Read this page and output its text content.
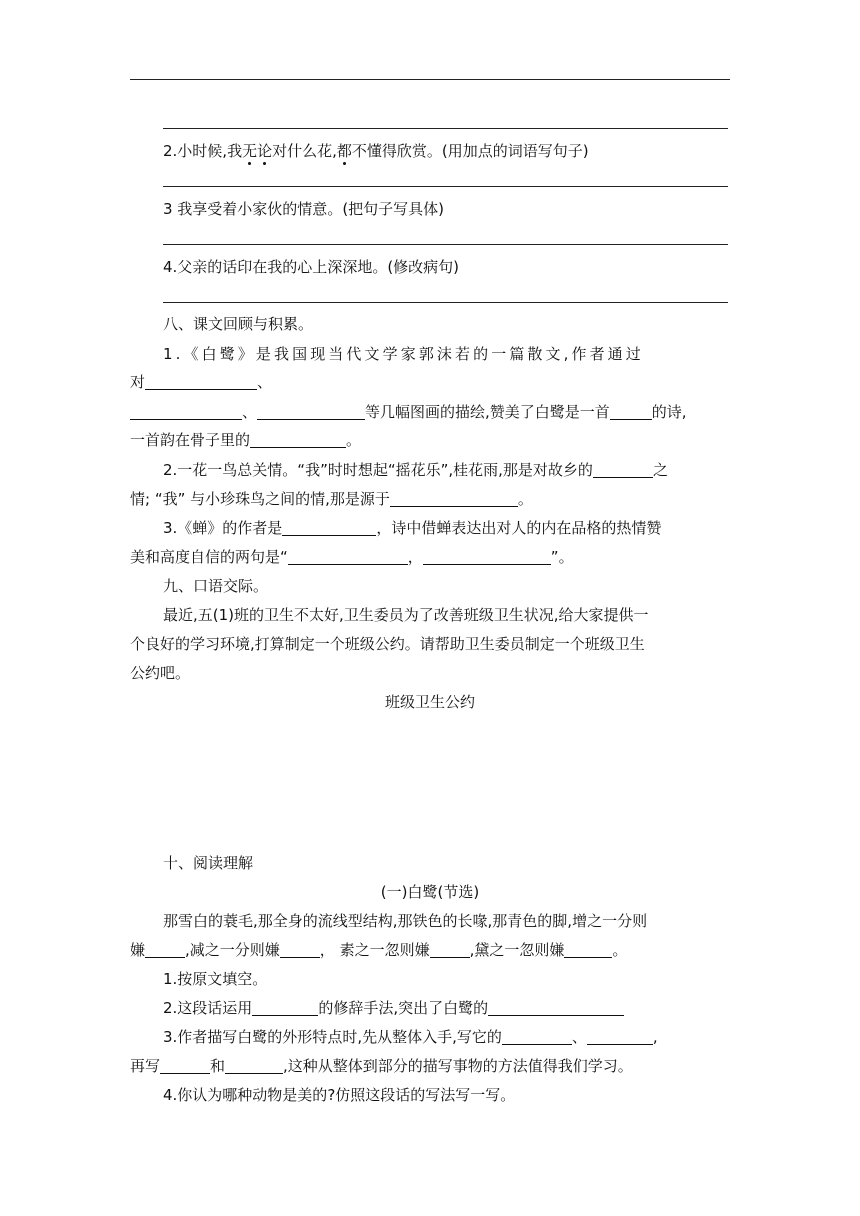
2.小时候,我无论对什么花,都不懂得欣赏。(用加点的词语写句子)
3 我享受着小家伙的情意。(把句子写具体)
4.父亲的话印在我的心上深深地。(修改病句)
八、课文回顾与积累。
1.《白鹭》是我国现当代文学家郭沫若的一篇散文,作者通过
对	、
、	等几幅图画的描绘,赞美了白鹭是一首	的诗,
一首韵在骨子里的	。
2.一花一鸟总关情。“我”时时想起“摇花乐”,桂花雨,那是对故乡的	之
情; “我” 与小珍珠鸟之间的情,那是源于	。
3.《蝉》的作者是	，诗中借蝉表达出对人的内在品格的热情赞
美和高度自信的两句是“	，	”。
九、口语交际。
最近,五(1)班的卫生不太好,卫生委员为了改善班级卫生状况,给大家提供一
个良好的学习环境,打算制定一个班级公约。请帮助卫生委员制定一个班级卫生
公约吧。
班级卫生公约
十、阅读理解
(一)白鹭(节选)
那雪白的蓑毛,那全身的流线型结构,那铁色的长喙,那青色的脚,增之一分则
嫌	,减之一分则嫌	， 素之一忽则嫌	,黛之一忽则嫌	。
1.按原文填空。
2.这段话运用	的修辞手法,突出了白鹭的
3.作者描写白鹭的外形特点时,先从整体入手,写它的	、	,
再写	和	,这种从整体到部分的描写事物的方法值得我们学习。
4.你认为哪种动物是美的?仿照这段话的写法写一写。
